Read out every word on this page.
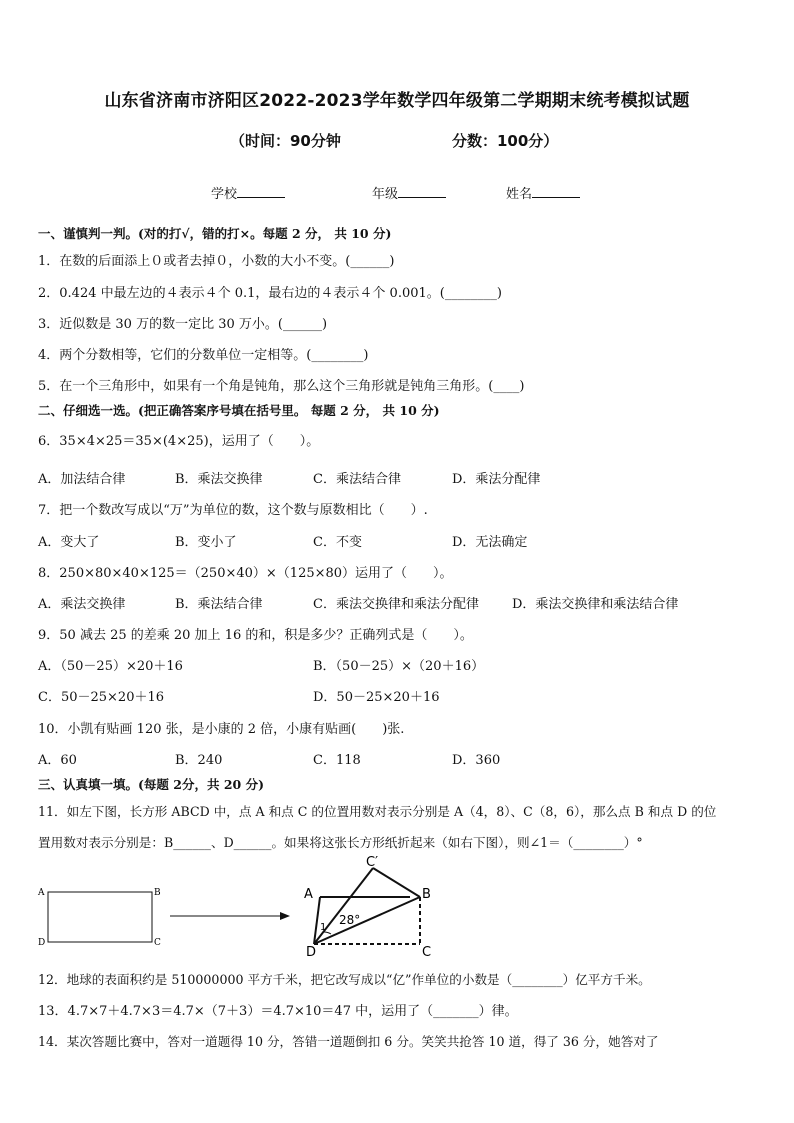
山东省济南市济阳区2022-2023学年数学四年级第二学期期末统考模拟试题
（时间：90分钟	分数：100分）
学校	年级	姓名
一、谨慎判一判。(对的打√，错的打×。每题 2 分， 共 10 分)
1．在数的后面添上０或者去掉０，小数的大小不变。(______)
2．0.424 中最左边的４表示４个 0.1，最右边的４表示４个 0.001。(________)
3．近似数是 30 万的数一定比 30 万小。(______)
4．两个分数相等，它们的分数单位一定相等。(________)
5．在一个三角形中，如果有一个角是钝角，那么这个三角形就是钝角三角形。(____)
二、仔细选一选。(把正确答案序号填在括号里。 每题 2 分， 共 10 分)
6．35×4×25＝35×(4×25)，运用了（　　）。
A．加法结合律	B．乘法交换律	C．乘法结合律	D．乘法分配律
7．把一个数改写成以“万”为单位的数，这个数与原数相比（　　）.
A．变大了	B．变小了	C．不变	D．无法确定
8．250×80×40×125＝（250×40）×（125×80）运用了（　　）。
A．乘法交换律	B．乘法结合律	C．乘法交换律和乘法分配律	D．乘法交换律和乘法结合律
9．50 减去 25 的差乘 20 加上 16 的和，积是多少？正确列式是（　　）。
A．（50－25）×20＋16	B．（50－25）×（20＋16）
C．50－25×20＋16	D．50－25×20＋16
10．小凯有贴画 120 张，是小康的 2 倍，小康有贴画(　　)张.
A．60	B．240	C．118	D．360
三、认真填一填。(每题 2分，共 20 分)
11．如左下图，长方形 ABCD 中，点 A 和点 C 的位置用数对表示分别是 A（4，8）、C（8，6），那么点 B 和点 D 的位
置用数对表示分别是：B______、D______。如果将这张长方形纸折起来（如右下图），则∠1＝（________）°
A	B
C
D
A	B
C
D
C′
1
28°
12．地球的表面积约是 510000000 平方千米，把它改写成以“亿”作单位的小数是（________）亿平方千米。
13．4.7×7＋4.7×3＝4.7×（7＋3）＝4.7×10＝47 中，运用了（_______）律。
14．某次答题比赛中，答对一道题得 10 分，答错一道题倒扣 6 分。笑笑共抢答 10 道，得了 36 分，她答对了
